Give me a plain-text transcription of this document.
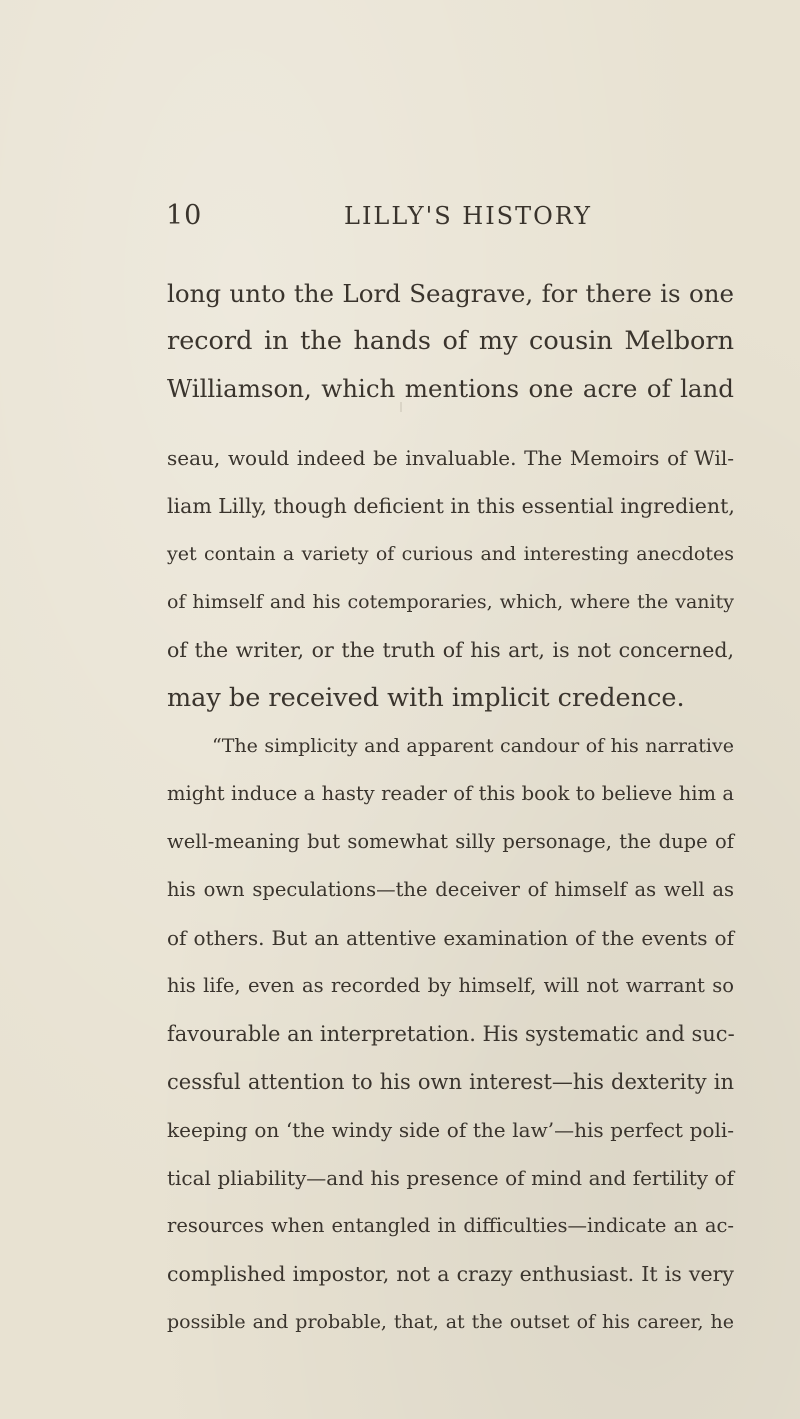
10	LILLY'S HISTORY
long unto the Lord Seagrave, for there is one
record in the hands of my cousin Melborn
Williamson, which mentions one acre of land
seau, would indeed be invaluable. The Memoirs of Wil-
liam Lilly, though deficient in this essential ingredient,
yet contain a variety of curious and interesting anecdotes
of himself and his cotemporaries, which, where the vanity
of the writer, or the truth of his art, is not concerned,
may be received with implicit credence.
“The simplicity and apparent candour of his narrative
might induce a hasty reader of this book to believe him a
well-meaning but somewhat silly personage, the dupe of
his own speculations—the deceiver of himself as well as
of others. But an attentive examination of the events of
his life, even as recorded by himself, will not warrant so
favourable an interpretation. His systematic and suc-
cessful attention to his own interest—his dexterity in
keeping on ‘the windy side of the law’—his perfect poli-
tical pliability—and his presence of mind and fertility of
resources when entangled in difficulties—indicate an ac-
complished impostor, not a crazy enthusiast. It is very
possible and probable, that, at the outset of his career, he
